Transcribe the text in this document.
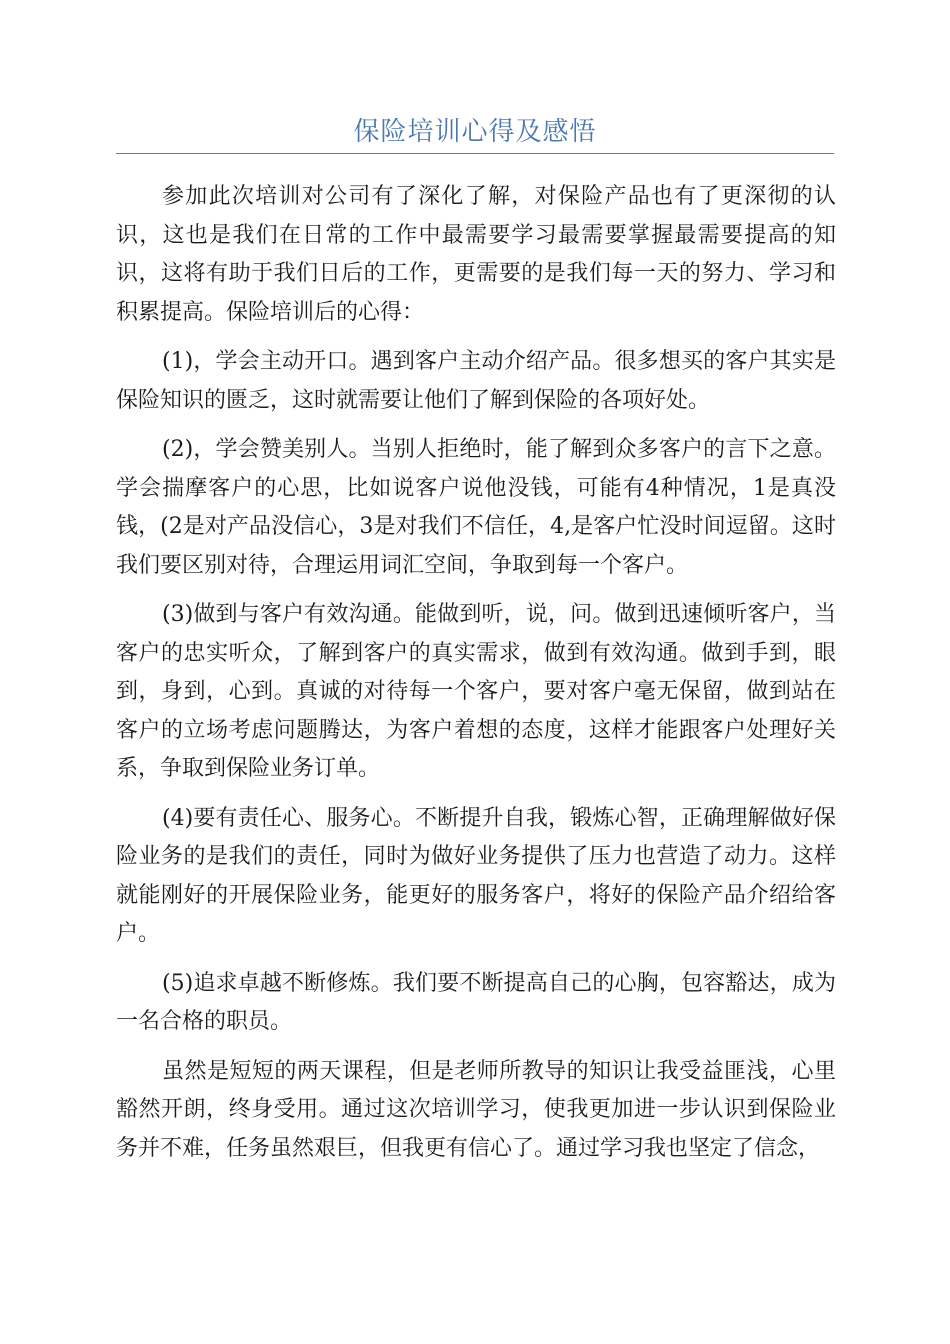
保险培训心得及感悟

参加此次培训对公司有了深化了解，对保险产品也有了更深彻的认识，这也是我们在日常的工作中最需要学习最需要掌握最需要提高的知识，这将有助于我们日后的工作，更需要的是我们每一天的努力、学习和积累提高。保险培训后的心得：

(1)，学会主动开口。遇到客户主动介绍产品。很多想买的客户其实是保险知识的匮乏，这时就需要让他们了解到保险的各项好处。

(2)，学会赞美别人。当别人拒绝时，能了解到众多客户的言下之意。学会揣摩客户的心思，比如说客户说他没钱，可能有4种情况，1是真没钱，(2是对产品没信心，3是对我们不信任，4,是客户忙没时间逗留。这时我们要区别对待，合理运用词汇空间，争取到每一个客户。

(3)做到与客户有效沟通。能做到听，说，问。做到迅速倾听客户，当客户的忠实听众，了解到客户的真实需求，做到有效沟通。做到手到，眼到，身到，心到。真诚的对待每一个客户，要对客户毫无保留，做到站在客户的立场考虑问题腾达，为客户着想的态度，这样才能跟客户处理好关系，争取到保险业务订单。

(4)要有责任心、服务心。不断提升自我，锻炼心智，正确理解做好保险业务的是我们的责任，同时为做好业务提供了压力也营造了动力。这样就能刚好的开展保险业务，能更好的服务客户，将好的保险产品介绍给客户。

(5)追求卓越不断修炼。我们要不断提高自己的心胸，包容豁达，成为一名合格的职员。

虽然是短短的两天课程，但是老师所教导的知识让我受益匪浅，心里豁然开朗，终身受用。通过这次培训学习，使我更加进一步认识到保险业务并不难，任务虽然艰巨，但我更有信心了。通过学习我也坚定了信念，
